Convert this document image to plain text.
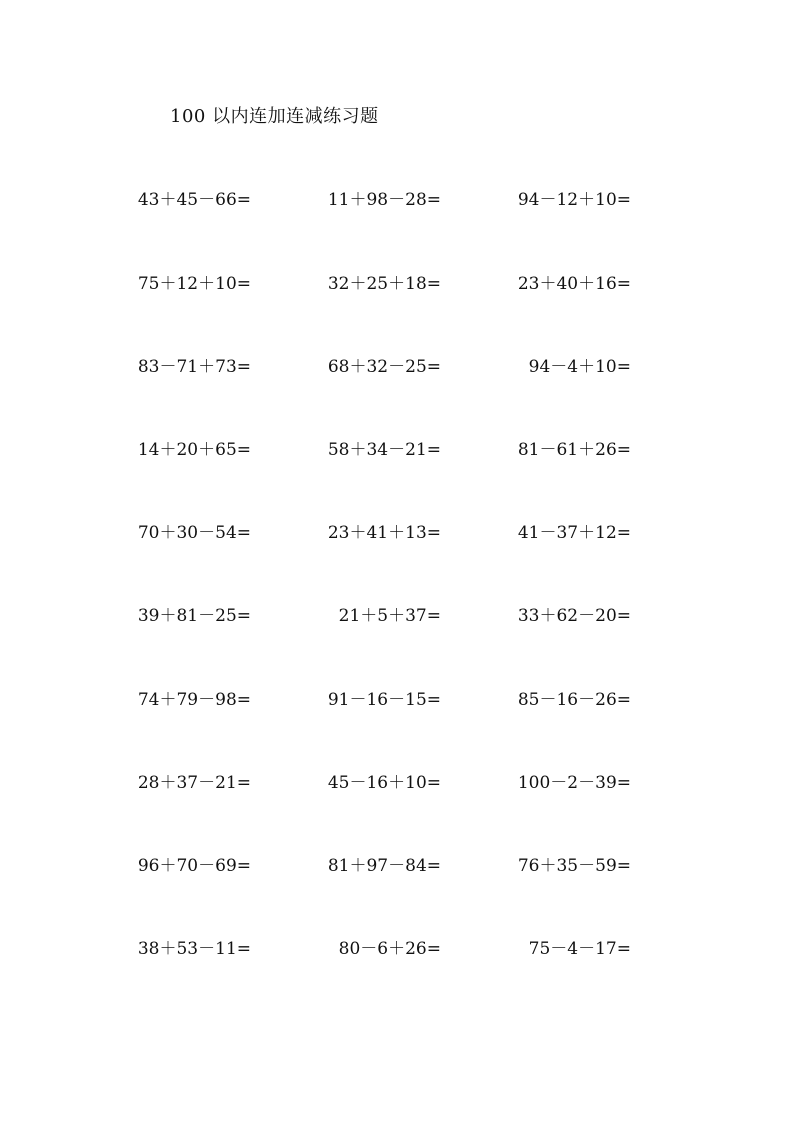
100 以内连加连减练习题
43＋45－66=	11＋98－28=	94－12＋10=
75＋12＋10=	32＋25＋18=	23＋40＋16=
83－71＋73=	68＋32－25=	94－4＋10=
14＋20＋65=	58＋34－21=	81－61＋26=
70＋30－54=	23＋41＋13=	41－37＋12=
39＋81－25=	21＋5＋37=	33＋62－20=
74＋79－98=	91－16－15=	85－16－26=
28＋37－21=	45－16＋10=	100－2－39=
96＋70－69=	81＋97－84=	76＋35－59=
38＋53－11=	80－6＋26=	75－4－17=
